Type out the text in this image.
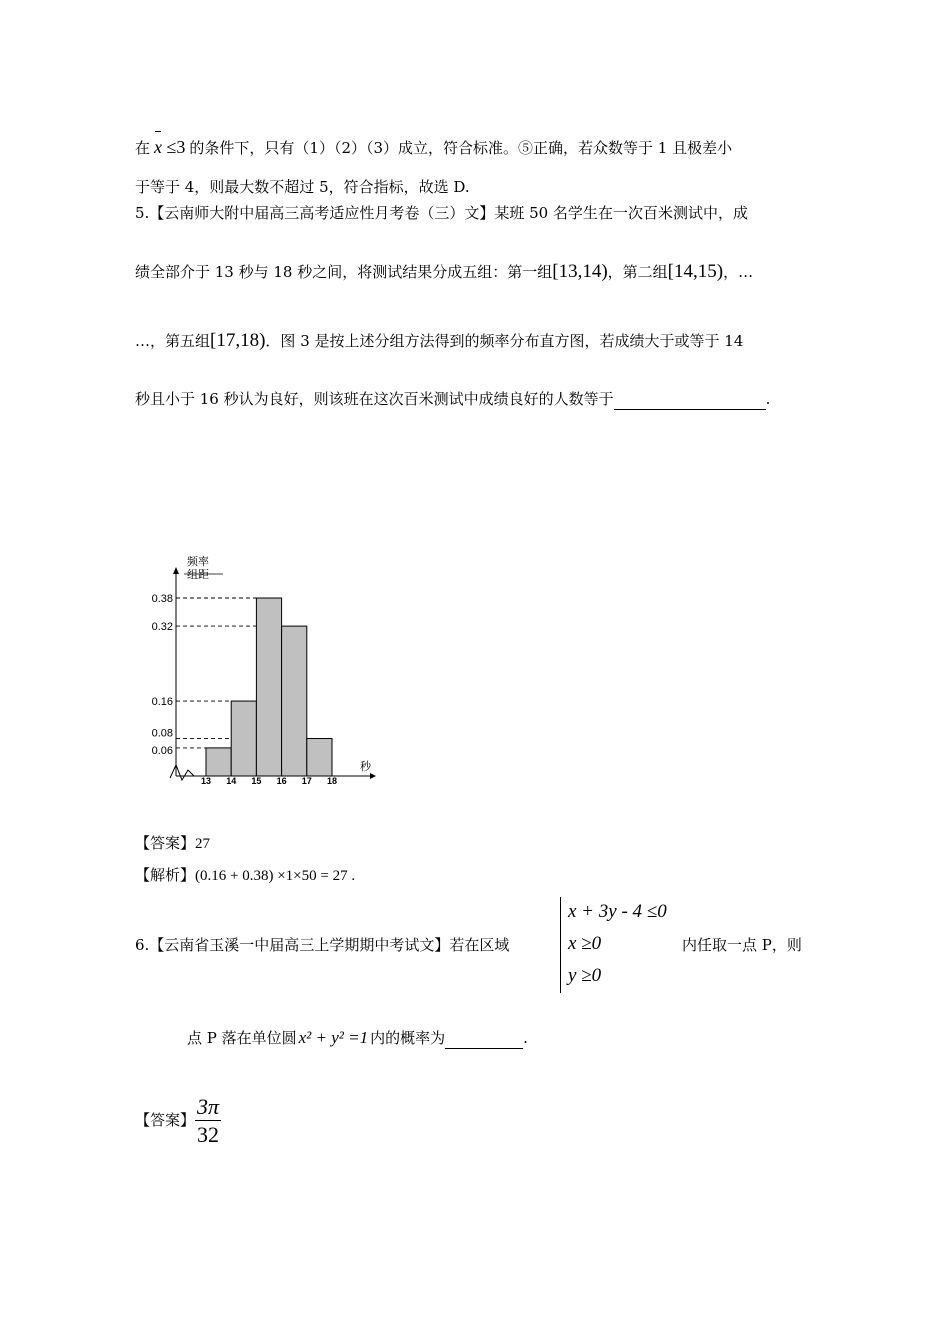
在 x ≤3 的条件下，只有（1）（2）（3）成立，符合标准。⑤正确，若众数等于 1 且极差小
于等于 4，则最大数不超过 5，符合指标，故选 D.
5.【云南师大附中届高三高考适应性月考卷（三）文】某班 50 名学生在一次百米测试中，成
绩全部介于 13 秒与 18 秒之间，将测试结果分成五组：第一组[13,14)，第二组[14,15)，…
…，第五组[17,18)．图 3 是按上述分组方法得到的频率分布直方图，若成绩大于或等于 14
秒且小于 16 秒认为良好，则该班在这次百米测试中成绩良好的人数等于	.
频率
组距
秒
13 14 15 16 17 18
0.38
0.32
0.16
0.08
0.06
【答案】27
【解析】(0.16 + 0.38) ×1×50 = 27 .
6.【云南省玉溪一中届高三上学期期中考试文】若在区域
x + 3y - 4 ≤0
x ≥0
y ≥0
内任取一点 P，则
点 P 落在单位圆 x² + y² =1 内的概率为	.
【答案】 $\frac{3\pi}{32}$
